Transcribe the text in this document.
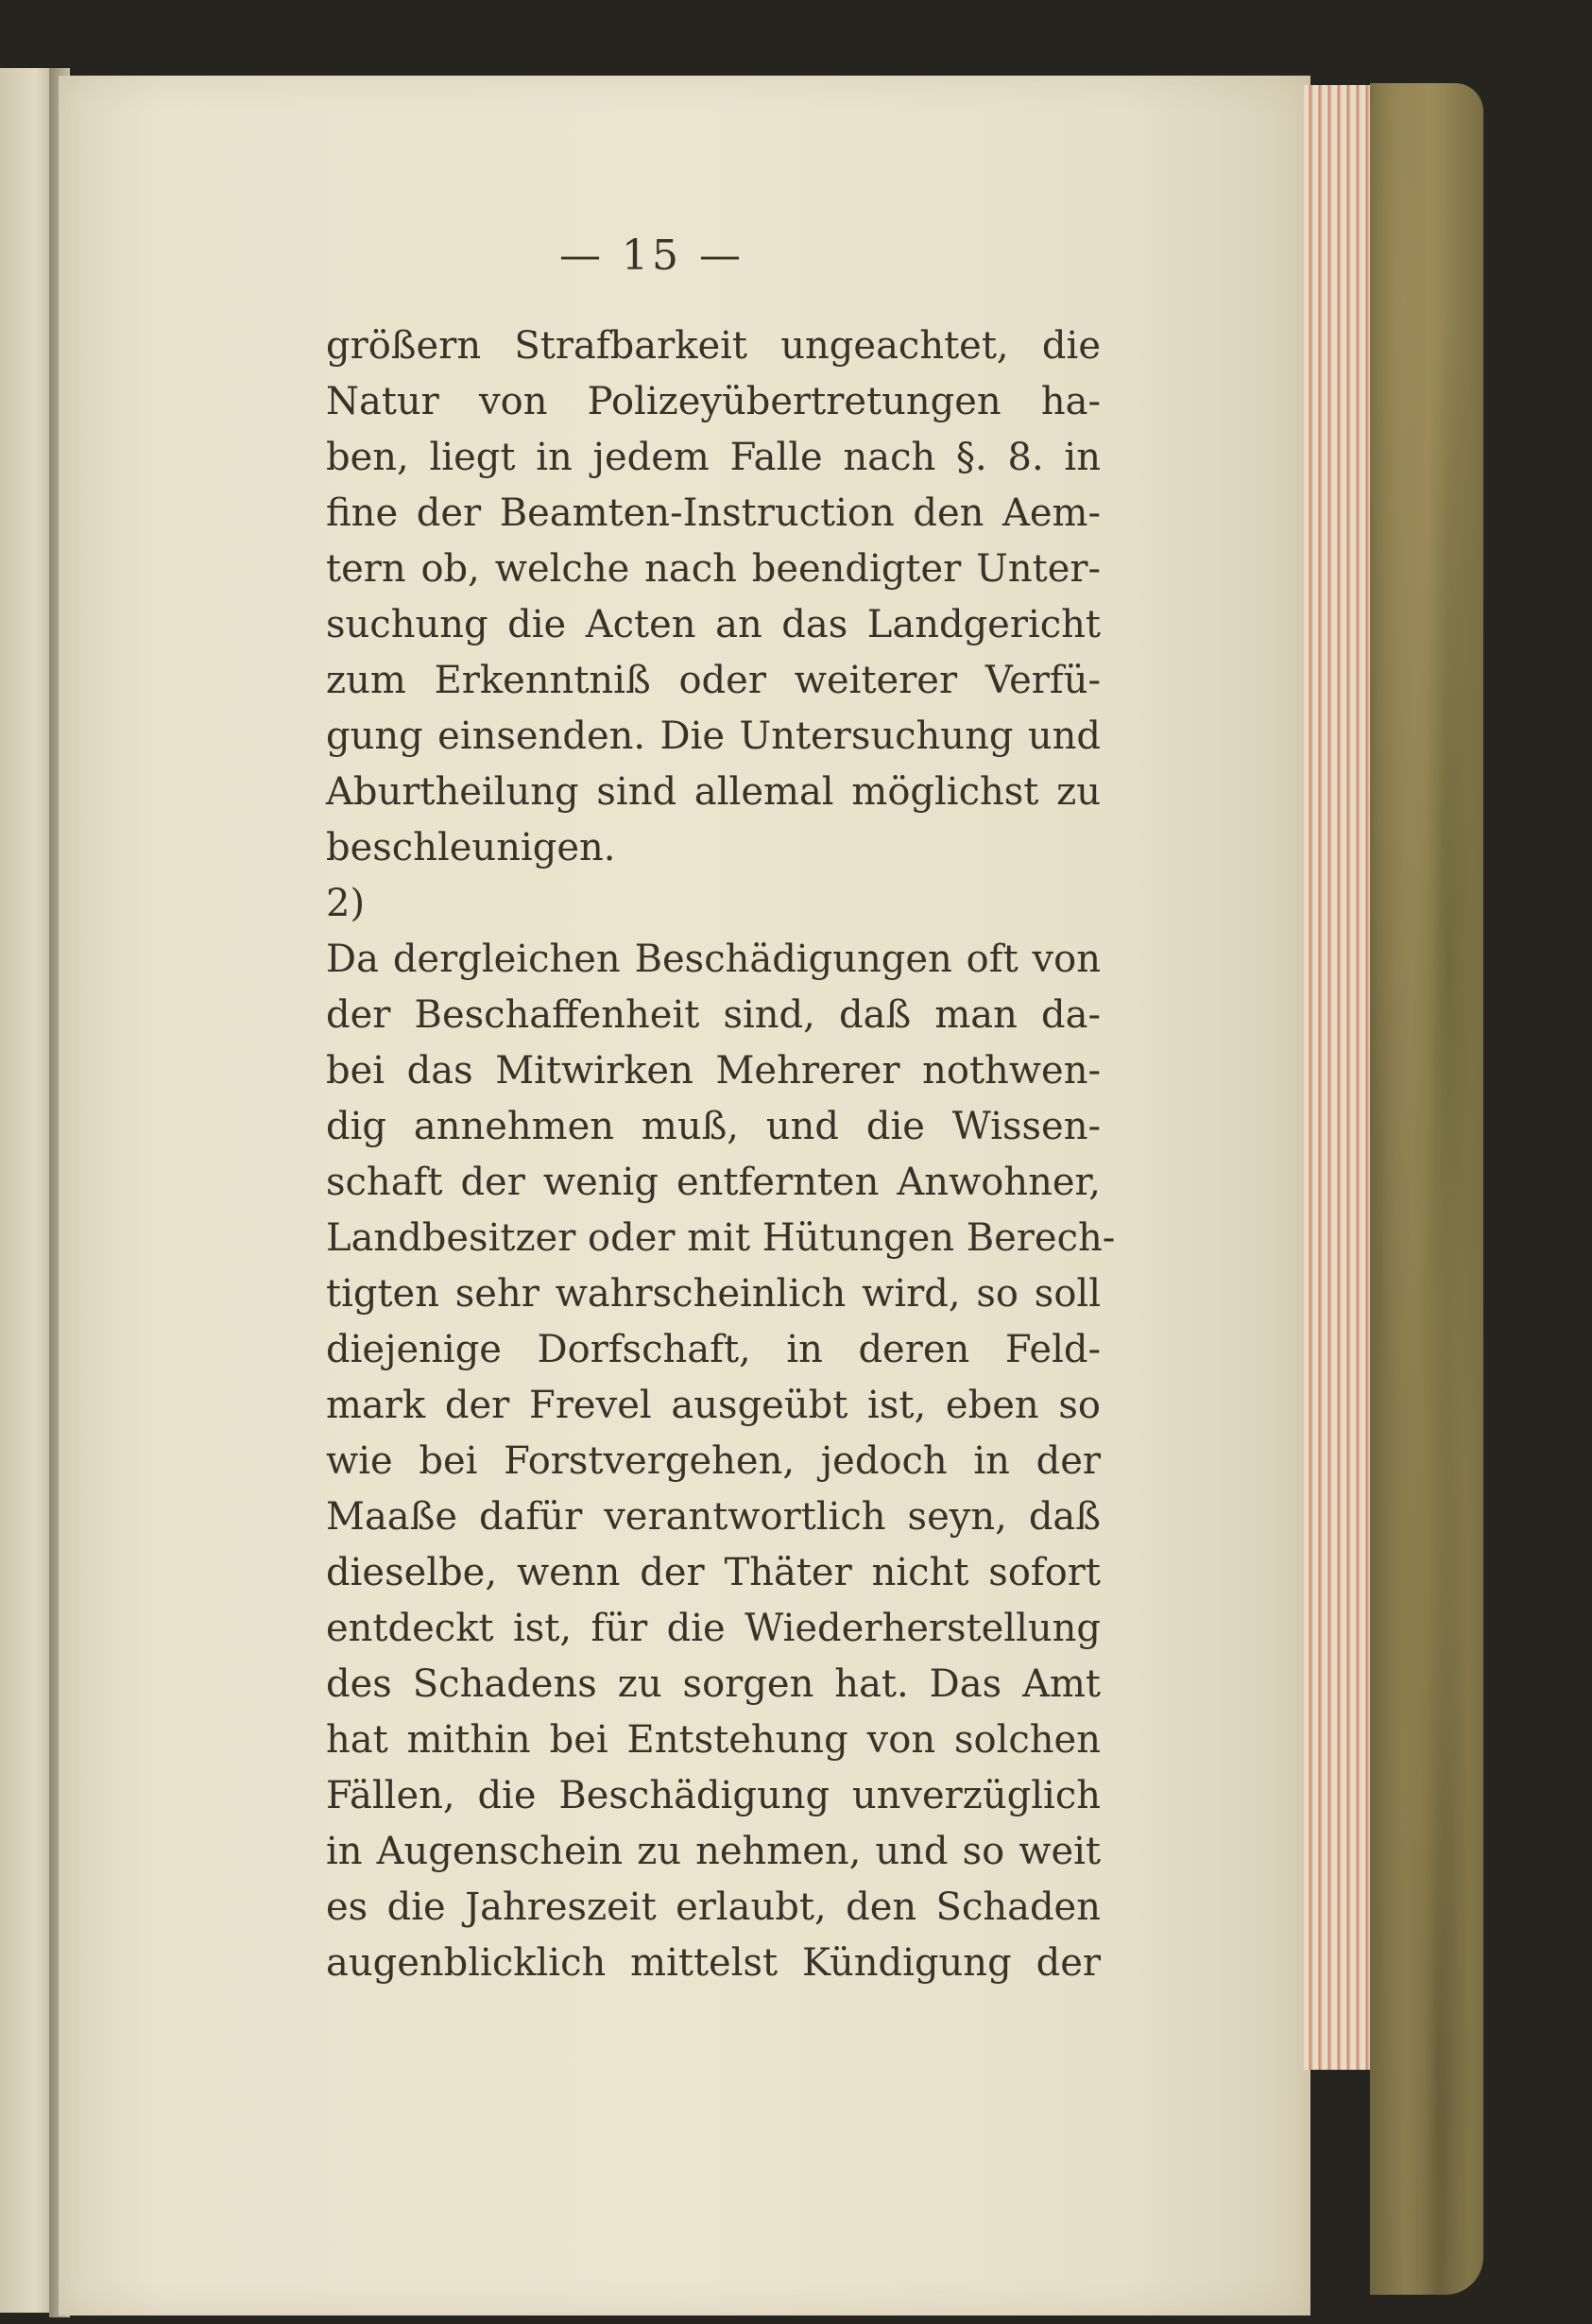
— 15 —
größern Strafbarkeit ungeachtet, die
Natur von Polizeyübertretungen ha-
ben, liegt in jedem Falle nach §. 8. in
fine der Beamten-Instruction den Aem-
tern ob, welche nach beendigter Unter-
suchung die Acten an das Landgericht
zum Erkenntniß oder weiterer Verfü-
gung einsenden. Die Untersuchung und
Aburtheilung sind allemal möglichst zu
beschleunigen.
2)
Da dergleichen Beschädigungen oft von
der Beschaffenheit sind, daß man da-
bei das Mitwirken Mehrerer nothwen-
dig annehmen muß, und die Wissen-
schaft der wenig entfernten Anwohner,
Landbesitzer oder mit Hütungen Berech-
tigten sehr wahrscheinlich wird, so soll
diejenige Dorfschaft, in deren Feld-
mark der Frevel ausgeübt ist, eben so
wie bei Forstvergehen, jedoch in der
Maaße dafür verantwortlich seyn, daß
dieselbe, wenn der Thäter nicht sofort
entdeckt ist, für die Wiederherstellung
des Schadens zu sorgen hat. Das Amt
hat mithin bei Entstehung von solchen
Fällen, die Beschädigung unverzüglich
in Augenschein zu nehmen, und so weit
es die Jahreszeit erlaubt, den Schaden
augenblicklich mittelst Kündigung der
